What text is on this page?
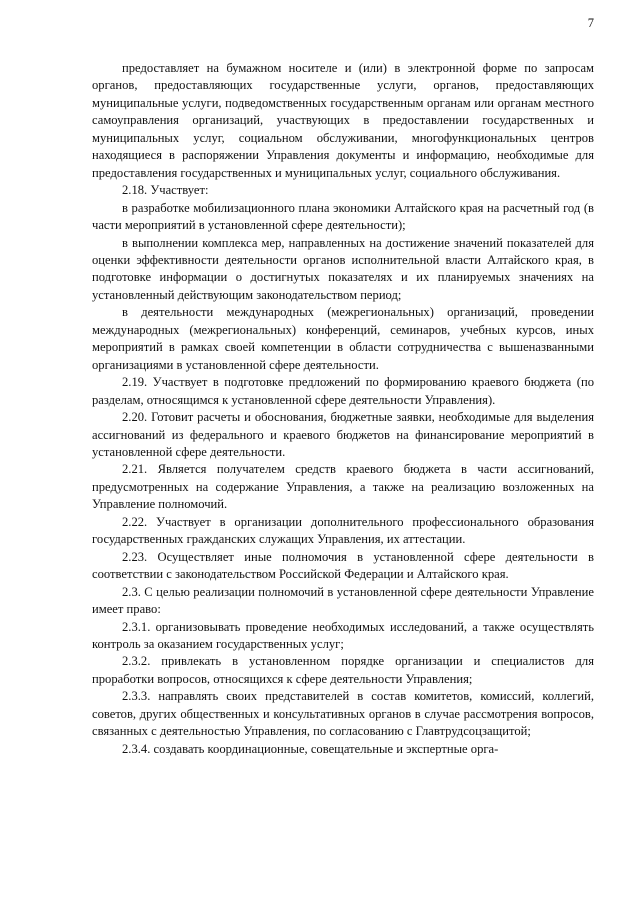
7

предоставляет на бумажном носителе и (или) в электронной форме по запросам органов, предоставляющих государственные услуги, органов, предоставляющих муниципальные услуги, подведомственных государственным органам или органам местного самоуправления организаций, участвующих в предоставлении государственных и муниципальных услуг, социальном обслуживании, многофункциональных центров находящиеся в распоряжении Управления документы и информацию, необходимые для предоставления государственных и муниципальных услуг, социального обслуживания.

2.18. Участвует:

в разработке мобилизационного плана экономики Алтайского края на расчетный год (в части мероприятий в установленной сфере деятельности);

в выполнении комплекса мер, направленных на достижение значений показателей для оценки эффективности деятельности органов исполнительной власти Алтайского края, в подготовке информации о достигнутых показателях и их планируемых значениях на установленный действующим законодательством период;

в деятельности международных (межрегиональных) организаций, проведении международных (межрегиональных) конференций, семинаров, учебных курсов, иных мероприятий в рамках своей компетенции в области сотрудничества с вышеназванными организациями в установленной сфере деятельности.

2.19. Участвует в подготовке предложений по формированию краевого бюджета (по разделам, относящимся к установленной сфере деятельности Управления).

2.20. Готовит расчеты и обоснования, бюджетные заявки, необходимые для выделения ассигнований из федерального и краевого бюджетов на финансирование мероприятий в установленной сфере деятельности.

2.21. Является получателем средств краевого бюджета в части ассигнований, предусмотренных на содержание Управления, а также на реализацию возложенных на Управление полномочий.

2.22. Участвует в организации дополнительного профессионального образования государственных гражданских служащих Управления, их аттестации.

2.23. Осуществляет иные полномочия в установленной сфере деятельности в соответствии с законодательством Российской Федерации и Алтайского края.

2.3. С целью реализации полномочий в установленной сфере деятельности Управление имеет право:

2.3.1. организовывать проведение необходимых исследований, а также осуществлять контроль за оказанием государственных услуг;

2.3.2. привлекать в установленном порядке организации и специалистов для проработки вопросов, относящихся к сфере деятельности Управления;

2.3.3. направлять своих представителей в состав комитетов, комиссий, коллегий, советов, других общественных и консультативных органов в случае рассмотрения вопросов, связанных с деятельностью Управления, по согласованию с Главтрудсоцзащитой;

2.3.4. создавать координационные, совещательные и экспертные орга-
